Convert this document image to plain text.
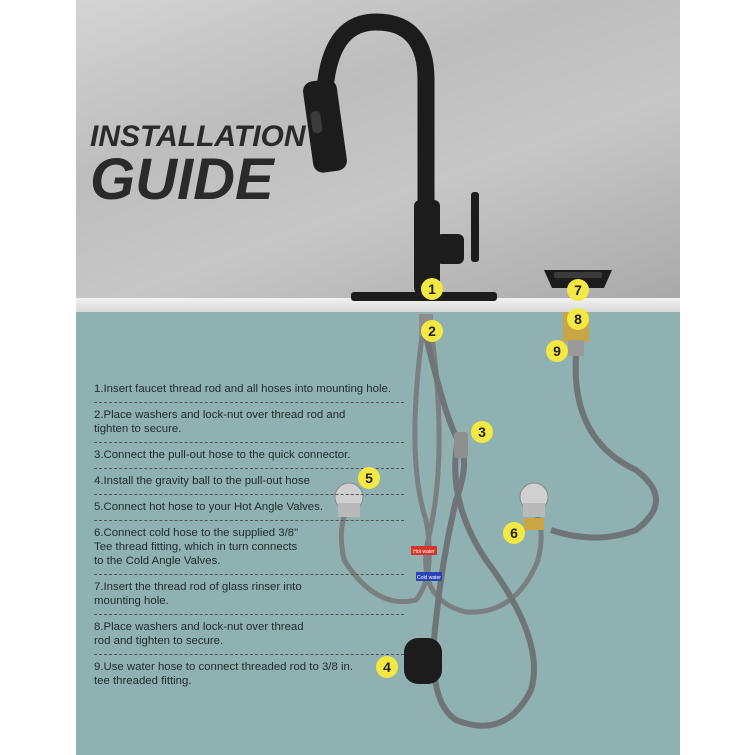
Hot water
Cold water
INSTALLATION
GUIDE
1.Insert faucet thread rod and all hoses into mounting hole.
2.Place washers and lock-nut over thread rod and
tighten to secure.
3.Connect the pull-out hose to the quick connector.
4.Install the gravity ball to the pull-out hose
5.Connect hot hose to your Hot Angle Valves.
6.Connect cold hose to the supplied 3/8"
Tee thread fitting, which in turn connects
to the Cold Angle Valves.
7.Insert the thread rod of glass rinser into
mounting hole.
8.Place washers and lock-nut over thread
rod and tighten to secure.
9.Use water hose to connect threaded rod to 3/8 in.
tee threaded fitting.
1
2
3
4
5
6
7
8
9
